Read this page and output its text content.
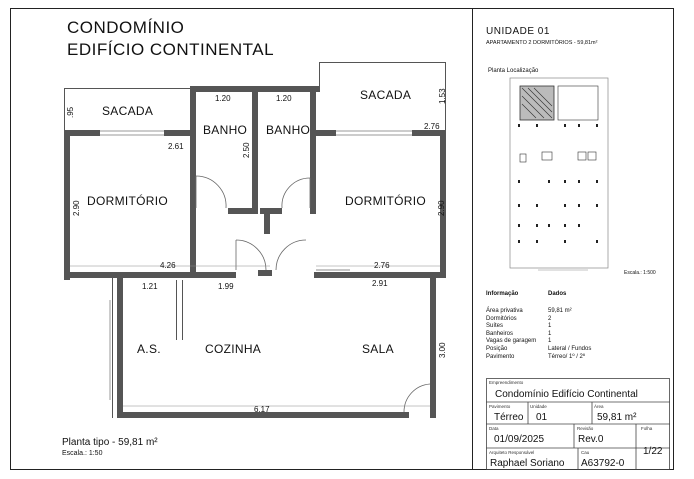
CONDOMÍNIO
EDIFÍCIO CONTINENTAL
SACADA
SACADA
BANHO BANHO
DORMITÓRIO	DORMITÓRIO
A.S.	COZINHA	SALA
.95
1.20	1.20	1.53
2.61
2.76
2.50
2.90	2.90
4.26	2.76
1.21	1.99	2.91
3.00
6.17
Planta tipo - 59,81 m²
Escala.: 1:50
UNIDADE 01
APARTAMENTO 2 DORMITÓRIOS - 59,81m²
Planta Localização
Escala.: 1:500
Informação	Dados
Área privativa	59,81 m²
Dormitórios	2
Suítes	1
Banheiros	1
Vagas de garagem	1
Posição	Lateral / Fundos
Pavimento	Térreo/ 1º / 2º
Empreendimento
Condomínio Edifício Continental
Pavimento
Térreo
Unidade
01
Área
59,81 m²
Data
01/09/2025
Revisão
Rev.0
Folha
1/22
Arquiteto Responsável
Raphael Soriano
Cau
A63792-0
